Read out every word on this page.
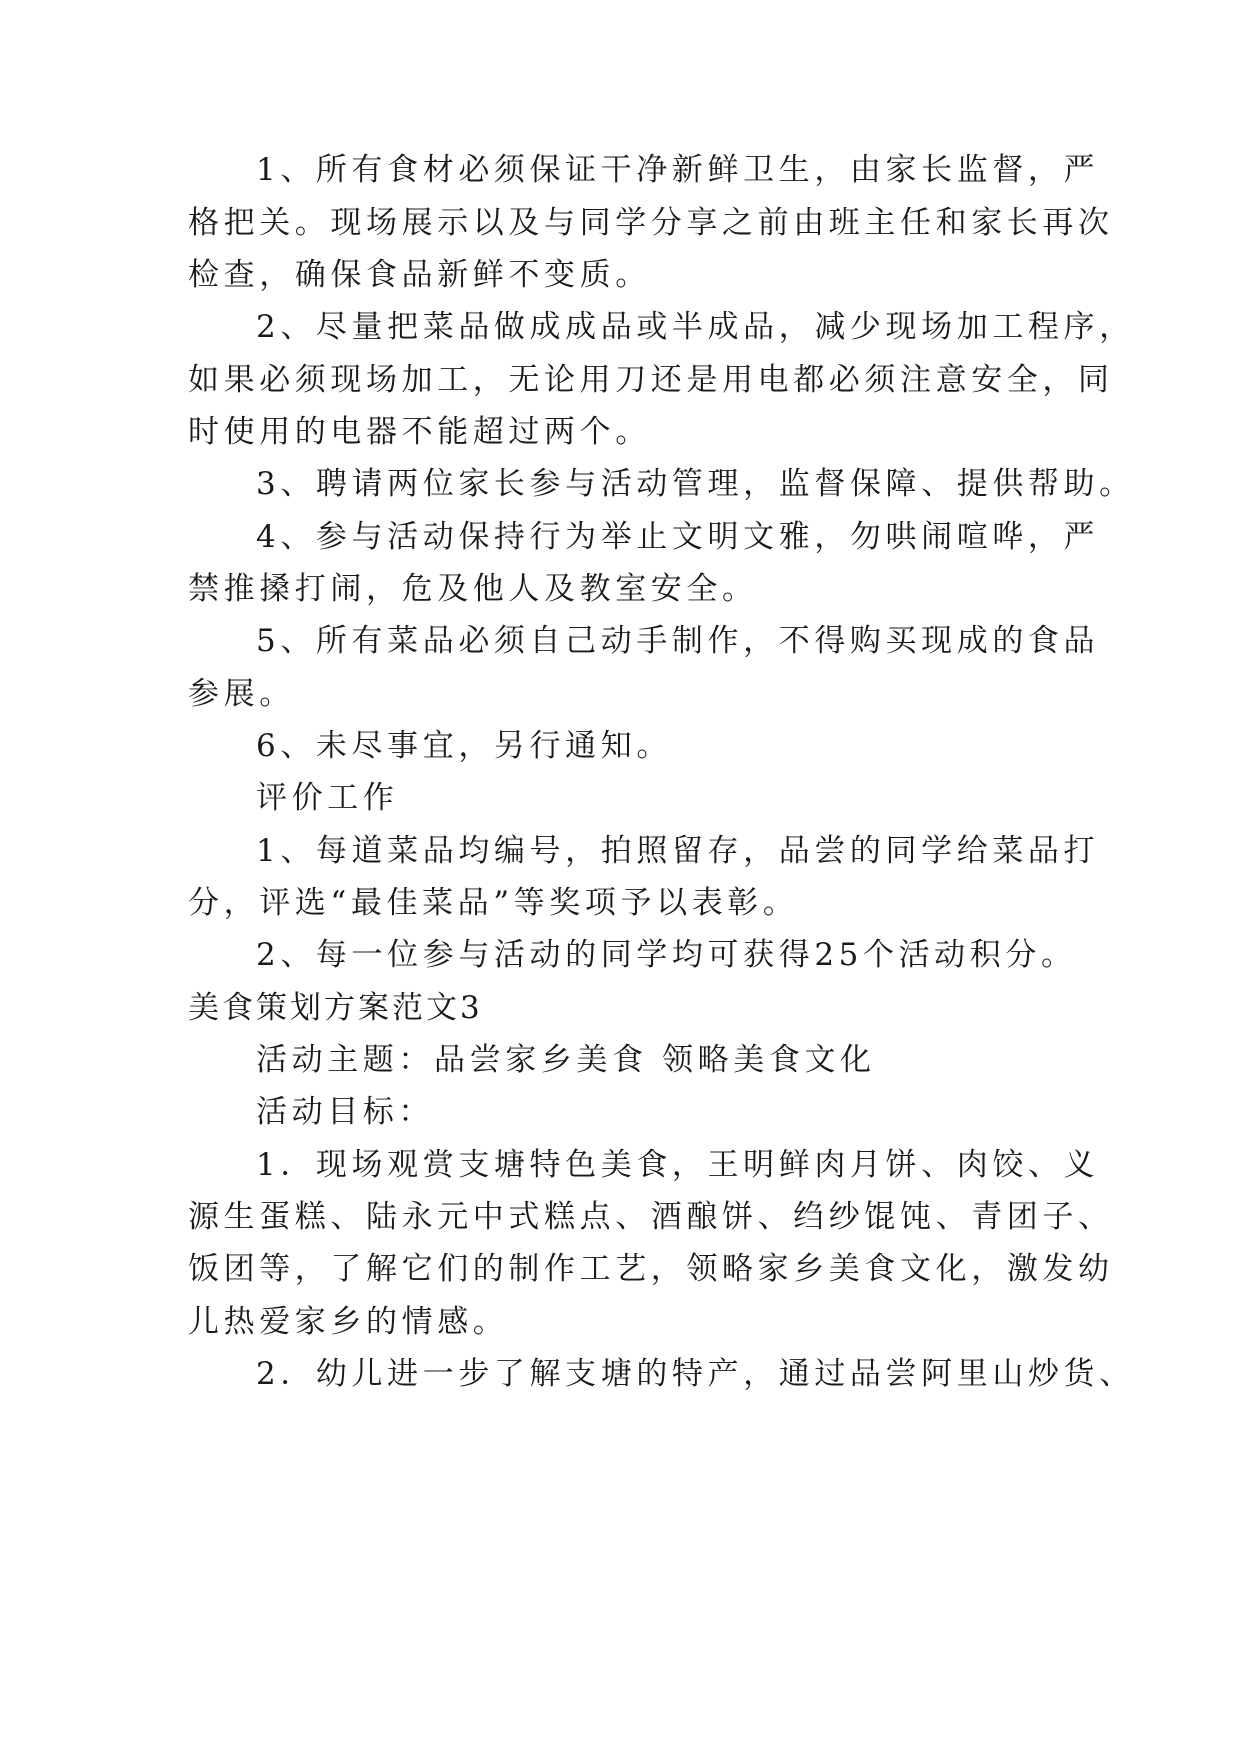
1、所有食材必须保证干净新鲜卫生，由家长监督，严
格把关。现场展示以及与同学分享之前由班主任和家长再次
检查，确保食品新鲜不变质。
2、尽量把菜品做成成品或半成品，减少现场加工程序，
如果必须现场加工，无论用刀还是用电都必须注意安全，同
时使用的电器不能超过两个。
3、聘请两位家长参与活动管理，监督保障、提供帮助。
4、参与活动保持行为举止文明文雅，勿哄闹喧哗，严
禁推搡打闹，危及他人及教室安全。
5、所有菜品必须自己动手制作，不得购买现成的食品
参展。
6、未尽事宜，另行通知。
评价工作
1、每道菜品均编号，拍照留存，品尝的同学给菜品打
分，评选“最佳菜品”等奖项予以表彰。
2、每一位参与活动的同学均可获得25个活动积分。
美食策划方案范文3
活动主题：品尝家乡美食 领略美食文化
活动目标：
1．现场观赏支塘特色美食，王明鲜肉月饼、肉饺、义
源生蛋糕、陆永元中式糕点、酒酿饼、绉纱馄饨、青团子、
饭团等，了解它们的制作工艺，领略家乡美食文化，激发幼
儿热爱家乡的情感。
2．幼儿进一步了解支塘的特产，通过品尝阿里山炒货、
